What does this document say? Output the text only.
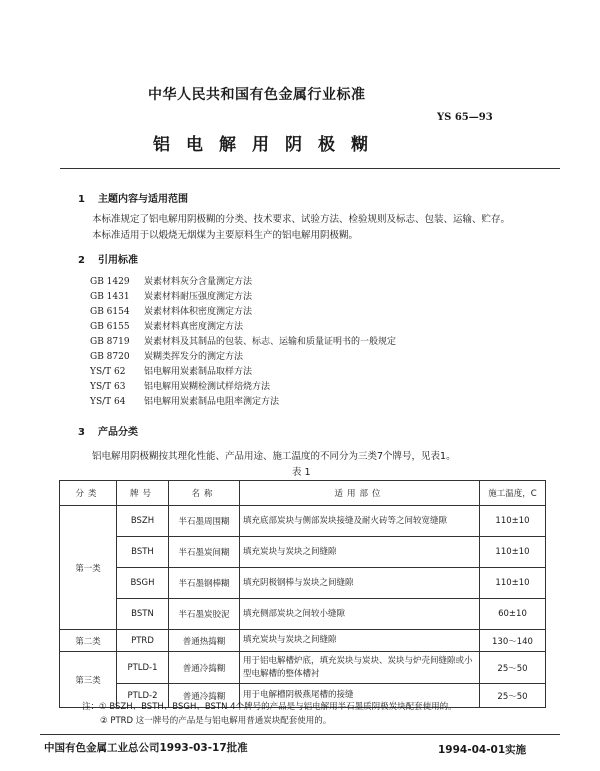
中华人民共和国有色金属行业标准
YS 65—93
铝电解用阴极糊
1 主题内容与适用范围
本标准规定了铝电解用阴极糊的分类、技术要求、试验方法、检验规则及标志、包装、运输、贮存。
本标准适用于以煅烧无烟煤为主要原料生产的铝电解用阴极糊。
2 引用标准
GB 1429 炭素材料灰分含量测定方法
GB 1431 炭素材料耐压强度测定方法
GB 6154 炭素材料体积密度测定方法
GB 6155 炭素材料真密度测定方法
GB 8719 炭素材料及其制品的包装、标志、运输和质量证明书的一般规定
GB 8720 炭糊类挥发分的测定方法
YS/T 62 铝电解用炭素制品取样方法
YS/T 63 铝电解用炭糊检测试样焙烧方法
YS/T 64 铝电解用炭素制品电阻率测定方法
3 产品分类
铝电解用阴极糊按其理化性能、产品用途、施工温度的不同分为三类7个牌号，见表1。
表 1
分类	牌号	名称	适用部位	施工温度，C
第一类	BSZH	半石墨周围糊	填充底部炭块与侧部炭块接缝及耐火砖等之间较宽缝隙	110±10
	BSTH	半石墨炭间糊	填充炭块与炭块之间缝隙	110±10
	BSGH	半石墨钢棒糊	填充阴极钢棒与炭块之间缝隙	110±10
	BSTN	半石墨炭胶泥	填充侧部炭块之间较小缝隙	60±10
第二类	PTRD	普通热捣糊	填充炭块与炭块之间缝隙	130～140
第三类	PTLD-1	普通冷捣糊	用于铝电解槽炉底，填充炭块与炭块、炭块与炉壳间缝隙或小型电解槽的整体槽衬	25～50
	PTLD-2	普通冷捣糊	用于电解槽阴极燕尾槽的接缝	25～50
注：① BSZH、BSTH、BSGH、BSTN 4个牌号的产品是与铝电解用半石墨质阴极炭块配套使用的。
② PTRD 这一牌号的产品是与铝电解用普通炭块配套使用的。
中国有色金属工业总公司1993-03-17批准	1994-04-01实施
